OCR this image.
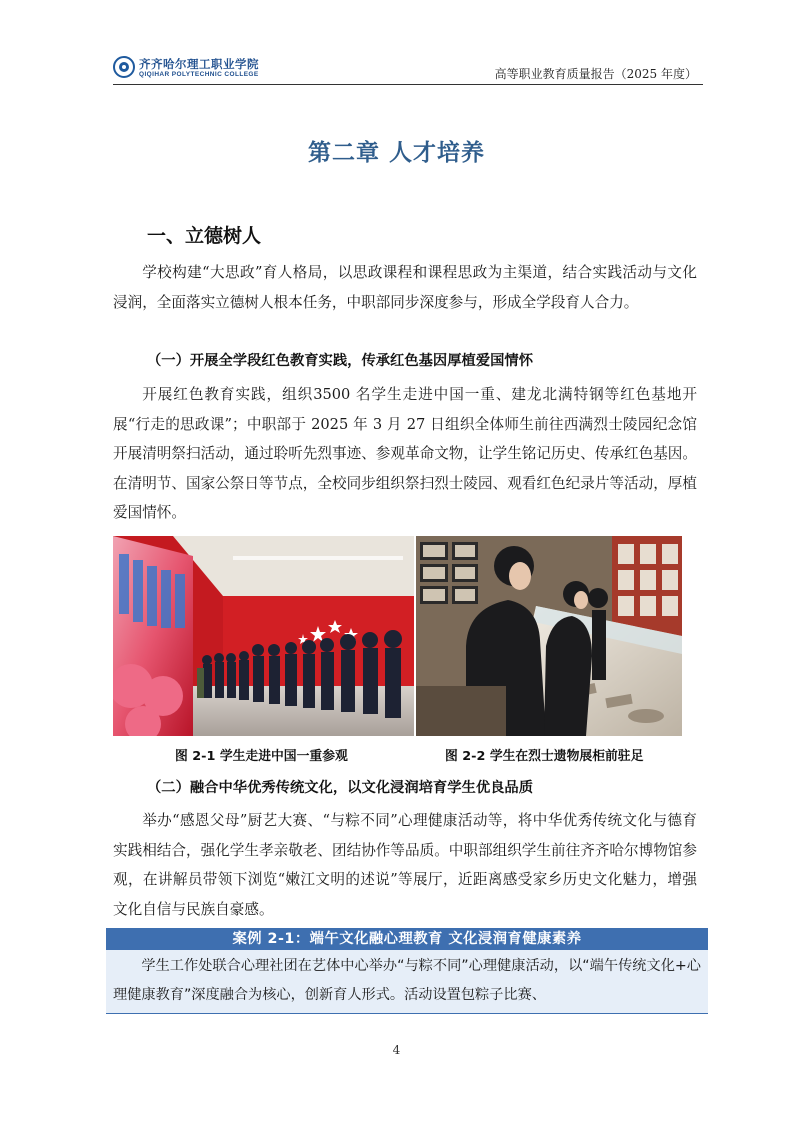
齐齐哈尔理工职业学院
QIQIHAR POLYTECHNIC COLLEGE	高等职业教育质量报告（2025 年度）
第二章 人才培养
一、立德树人

学校构建“大思政”育人格局，以思政课程和课程思政为主渠道，结合实践活动与文化浸润，全面落实立德树人根本任务，中职部同步深度参与，形成全学段育人合力。

（一）开展全学段红色教育实践，传承红色基因厚植爱国情怀

开展红色教育实践，组织3500 名学生走进中国一重、建龙北满特钢等红色基地开展“行走的思政课”；中职部于 2025 年 3 月 27 日组织全体师生前往西满烈士陵园纪念馆开展清明祭扫活动，通过聆听先烈事迹、参观革命文物，让学生铭记历史、传承红色基因。在清明节、国家公祭日等节点，全校同步组织祭扫烈士陵园、观看红色纪录片等活动，厚植爱国情怀。

图 2-1 学生走进中国一重参观	图 2-2 学生在烈士遗物展柜前驻足
（二）融合中华优秀传统文化，以文化浸润培育学生优良品质

举办“感恩父母”厨艺大赛、“与粽不同”心理健康活动等，将中华优秀传统文化与德育实践相结合，强化学生孝亲敬老、团结协作等品质。中职部组织学生前往齐齐哈尔博物馆参观，在讲解员带领下浏览“嫩江文明的述说”等展厅，近距离感受家乡历史文化魅力，增强文化自信与民族自豪感。

案例 2-1：端午文化融心理教育 文化浸润育健康素养

学生工作处联合心理社团在艺体中心举办“与粽不同”心理健康活动，以“端午传统文化+心理健康教育”深度融合为核心，创新育人形式。活动设置包粽子比赛、

4
